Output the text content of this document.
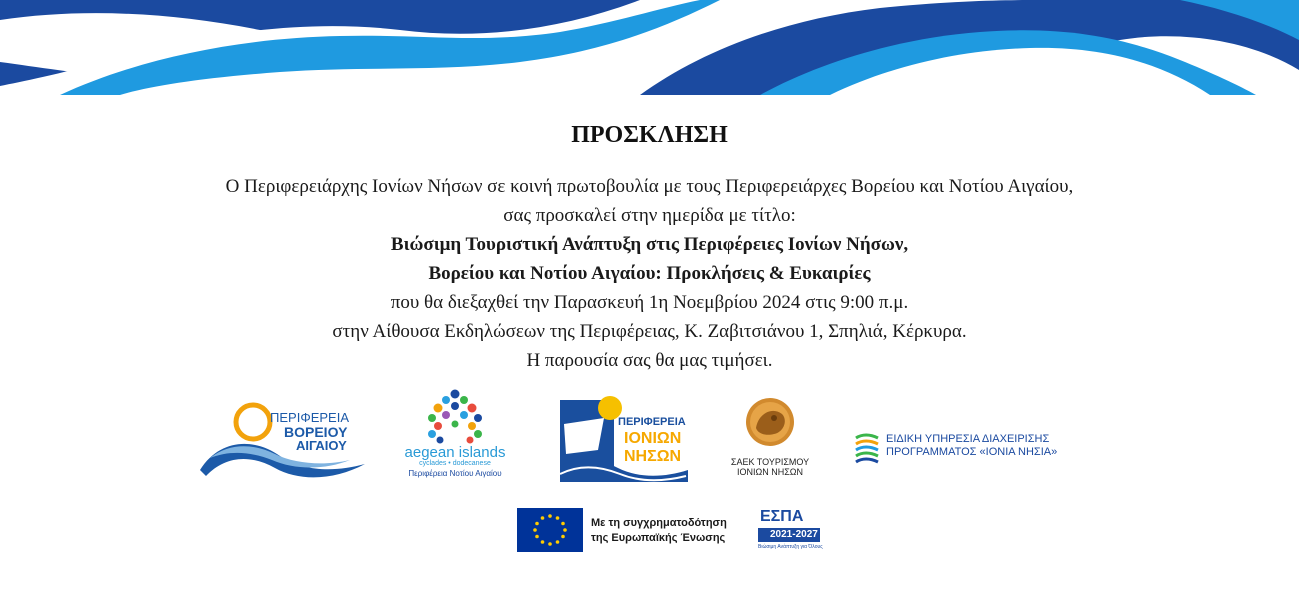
ΠΡΟΣΚΛΗΣΗ
Ο Περιφερειάρχης Ιονίων Νήσων σε κοινή πρωτοβουλία με τους Περιφερειάρχες Βορείου και Νοτίου Αιγαίου,
σας προσκαλεί στην ημερίδα με τίτλο:
Βιώσιμη Τουριστική Ανάπτυξη στις Περιφέρειες Ιονίων Νήσων,
Βορείου και Νοτίου Αιγαίου: Προκλήσεις & Ευκαιρίες
που θα διεξαχθεί την Παρασκευή 1η Νοεμβρίου 2024 στις 9:00 π.μ.
στην Αίθουσα Εκδηλώσεων της Περιφέρειας, Κ. Ζαβιτσιάνου 1, Σπηλιά, Κέρκυρα.
Η παρουσία σας θα μας τιμήσει.
ΠΕΡΙΦΕΡΕΙΑ
ΒΟΡΕΙΟΥ
ΑΙΓΑΙΟΥ	aegean islands
cyclades • dodecanese
Περιφέρεια Νοτίου Αιγαίου
ΠΕΡΙΦΕΡΕΙΑ
ΙΟΝΙΩΝ
ΝΗΣΩΝ	ΣΑΕΚ ΤΟΥΡΙΣΜΟΥ
ΙΟΝΙΩΝ ΝΗΣΩΝ
ΕΙΔΙΚΗ ΥΠΗΡΕΣΙΑ ΔΙΑΧΕΙΡΙΣΗΣ
ΠΡΟΓΡΑΜΜΑΤΟΣ «ΙΟΝΙΑ ΝΗΣΙΑ»
Με τη συγχρηματοδότηση
της Ευρωπαϊκής Ένωσης
ΕΣΠΑ
2021-2027
Βιώσιμη Ανάπτυξη για Όλους
